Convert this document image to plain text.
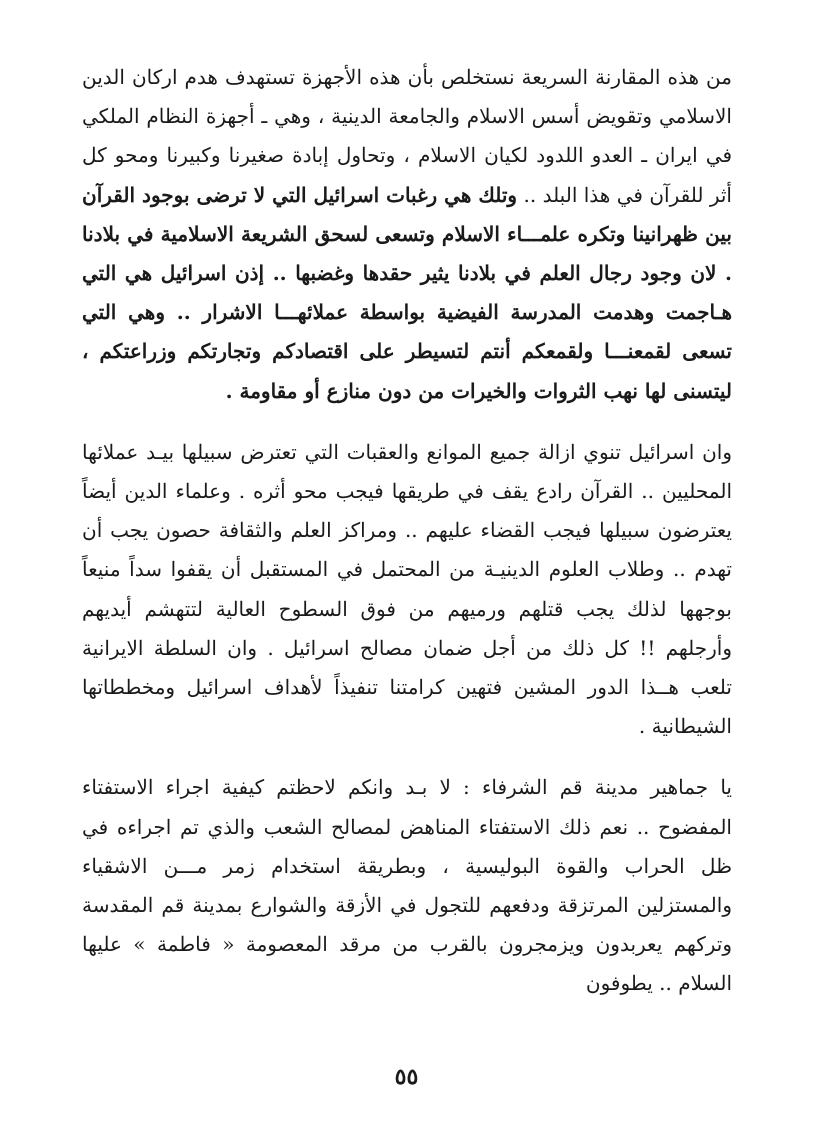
من هذه المقارنة السريعة نستخلص بأن هذه الأجهزة تستهدف هدم اركان الدين الاسلامي وتقويض أسس الاسلام والجامعة الدينية ، وهي ـ أجهزة النظام الملكي في ايران ـ العدو اللدود لكيان الاسلام ، وتحاول إبادة صغيرنا وكبيرنا ومحو كل أثر للقرآن في هذا البلد .. وتلك هي رغبات اسرائيل التي لا ترضى بوجود القرآن بين ظهرانينا وتكره علمـــاء الاسلام وتسعى لسحق الشريعة الاسلامية في بلادنا . لان وجود رجال العلم في بلادنا يثير حقدها وغضبها .. إذن اسرائيل هي التي هـاجمت وهدمت المدرسة الفيضية بواسطة عملائهـــا الاشرار .. وهي التي تسعى لقمعنـــا ولقمعكم أنتم لتسيطر على اقتصادكم وتجارتكم وزراعتكم ، ليتسنى لها نهب الثروات والخيرات من دون منازع أو مقاومة .

وان اسرائيل تنوي ازالة جميع الموانع والعقبات التي تعترض سبيلها بيـد عملائها المحليين .. القرآن رادع يقف في طريقها فيجب محو أثره . وعلماء الدين أيضاً يعترضون سبيلها فيجب القضاء عليهم .. ومراكز العلم والثقافة حصون يجب أن تهدم .. وطلاب العلوم الدينيـة من المحتمل في المستقبل أن يقفوا سداً منيعاً بوجهها لذلك يجب قتلهم ورميهم من فوق السطوح العالية لتتهشم أيديهم وأرجلهم !! كل ذلك من أجل ضمان مصالح اسرائيل . وان السلطة الايرانية تلعب هــذا الدور المشين فتهين كرامتنا تنفيذاً لأهداف اسرائيل ومخططاتها الشيطانية .

يا جماهير مدينة قم الشرفاء : لا بـد وانكم لاحظتم كيفية اجراء الاستفتاء المفضوح .. نعم ذلك الاستفتاء المناهض لمصالح الشعب والذي تم اجراءه في ظل الحراب والقوة البوليسية ، وبطريقة استخدام زمر مـــن الاشقياء والمستزلين المرتزقة ودفعهم للتجول في الأزقة والشوارع بمدينة قم المقدسة وتركهم يعربدون ويزمجرون بالقرب من مرقد المعصومة « فاطمة » عليها السلام .. يطوفون

٥٥
